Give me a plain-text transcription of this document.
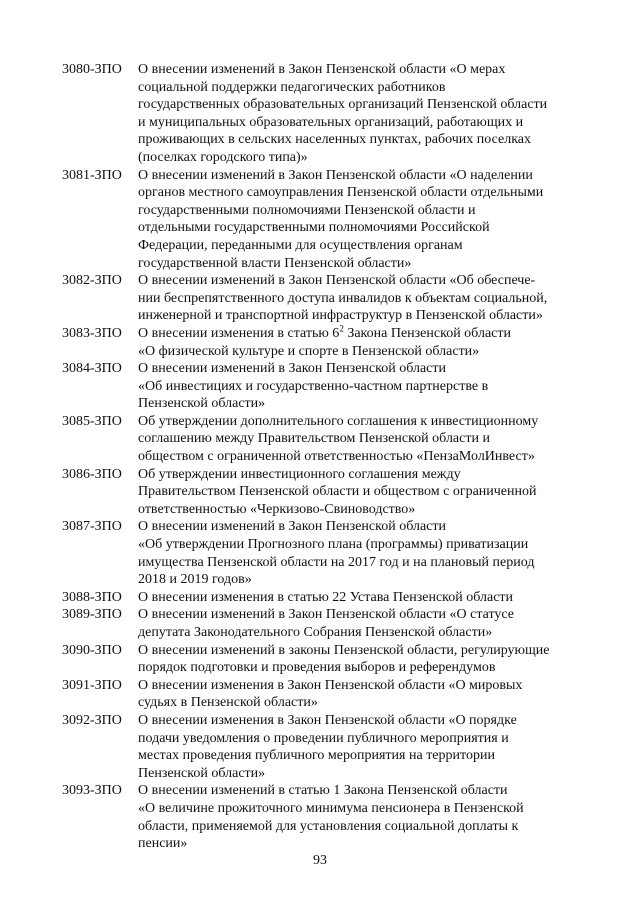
3080-ЗПО	О внесении изменений в Закон Пензенской области «О мерах
социальной поддержки педагогических работников
государственных образовательных организаций Пензенской области
и муниципальных образовательных организаций, работающих и
проживающих в сельских населенных пунктах, рабочих поселках
(поселках городского типа)»
3081-ЗПО	О внесении изменений в Закон Пензенской области «О наделении
органов местного самоуправления Пензенской области отдельными
государственными полномочиями Пензенской области и
отдельными государственными полномочиями Российской
Федерации, переданными для осуществления органам
государственной власти Пензенской области»
3082-ЗПО	О внесении изменений в Закон Пензенской области «Об обеспече-
нии беспрепятственного доступа инвалидов к объектам социальной,
инженерной и транспортной инфраструктур в Пензенской области»
3083-ЗПО	О внесении изменения в статью $6^2$ Закона Пензенской области
«О физической культуре и спорте в Пензенской области»
3084-ЗПО	О внесении изменений в Закон Пензенской области
«Об инвестициях и государственно-частном партнерстве в
Пензенской области»
3085-ЗПО	Об утверждении дополнительного соглашения к инвестиционному
соглашению между Правительством Пензенской области и
обществом с ограниченной ответственностью «ПензаМолИнвест»
3086-ЗПО	Об утверждении инвестиционного соглашения между
Правительством Пензенской области и обществом с ограниченной
ответственностью «Черкизово-Свиноводство»
3087-ЗПО	О внесении изменений в Закон Пензенской области
«Об утверждении Прогнозного плана (программы) приватизации
имущества Пензенской области на 2017 год и на плановый период
2018 и 2019 годов»
3088-ЗПО	О внесении изменения в статью 22 Устава Пензенской области
3089-ЗПО	О внесении изменений в Закон Пензенской области «О статусе
депутата Законодательного Собрания Пензенской области»
3090-ЗПО	О внесении изменений в законы Пензенской области, регулирующие
порядок подготовки и проведения выборов и референдумов
3091-ЗПО	О внесении изменения в Закон Пензенской области «О мировых
судьях в Пензенской области»
3092-ЗПО	О внесении изменения в Закон Пензенской области «О порядке
подачи уведомления о проведении публичного мероприятия и
местах проведения публичного мероприятия на территории
Пензенской области»
3093-ЗПО	О внесении изменений в статью 1 Закона Пензенской области
«О величине прожиточного минимума пенсионера в Пензенской
области, применяемой для установления социальной доплаты к
пенсии»
93
